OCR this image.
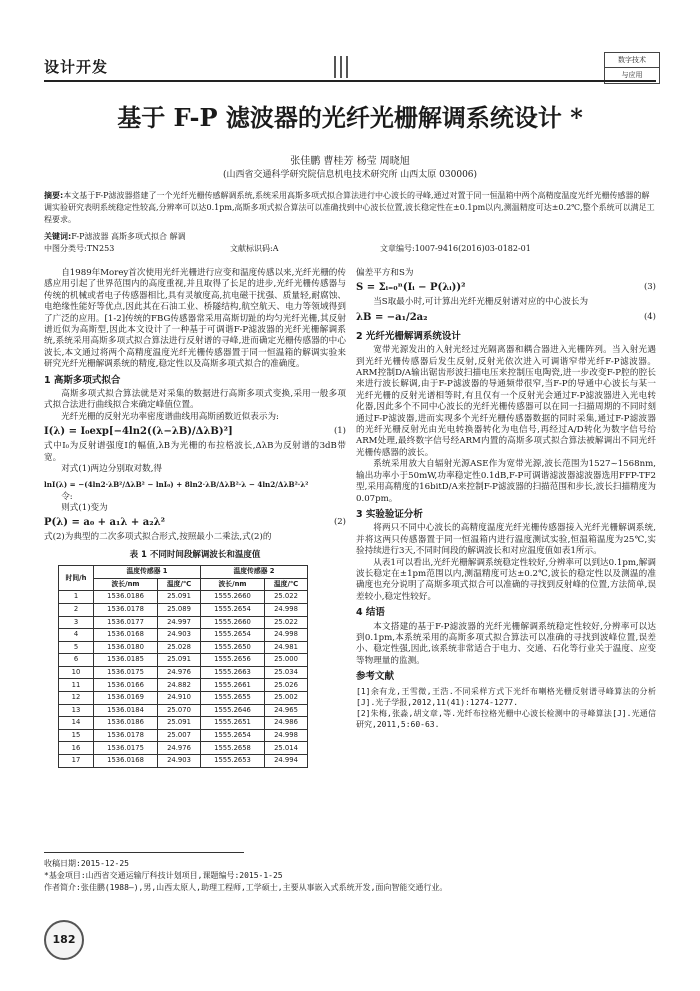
设计开发	数字技术
与应用
基于 F-P 滤波器的光纤光栅解调系统设计 *
张佳鹏 曹桂芳 杨莹 周晓旭
(山西省交通科学研究院信息机电技术研究所 山西太原 030006)
摘要:本文基于F-P滤波器搭建了一个光纤光栅传感解调系统,系统采用高斯多项式拟合算法进行中心波长的寻峰,通过对置于同一恒温箱中两个高精度温度光纤光栅传感器的解调实验研究表明系统稳定性较高,分辨率可以达0.1pm,高斯多项式拟合算法可以准确找到中心波长位置,波长稳定性在±0.1pm以内,测温精度可达±0.2℃,整个系统可以满足工程要求。
关键词:F-P滤波器 高斯多项式拟合 解调
中图分类号:TN253	文献标识码:A	文章编号:1007-9416(2016)03-0182-01

自1989年Morey首次使用光纤光栅进行应变和温度传感以来,光纤光栅的传感应用引起了世界范围内的高度重视,并且取得了长足的进步,光纤光栅传感器与传统的机械或者电子传感器相比,具有灵敏度高,抗电磁干扰强、质量轻,耐腐蚀、电绝缘性能好等优点,因此其在石油工业、桥隧结构,航空航天、电力等领域得到了广泛的应用。[1-2]传统的FBG传感器常采用高斯切趾的均匀光纤光栅,其反射谱近似为高斯型,因此本文设计了一种基于可调谐F-P滤波器的光纤光栅解调系统,系统采用高斯多项式拟合算法进行反射谱的寻峰,进而确定光栅传感器的中心波长,本文通过将两个高精度温度光纤光栅传感器置于同一恒温箱的解调实验来研究光纤光栅解调系统的精度,稳定性以及高斯多项式拟合的准确度。

1 高斯多项式拟合

高斯多项式拟合算法就是对采集的数据进行高斯多项式变换,采用一般多项式拟合法进行曲线拟合来确定峰值位置。

光纤光栅的反射光功率密度谱曲线用高斯函数近似表示为:

I(λ) = I₀exp[−4ln2((λ−λB)/ΔλB)²]	(1)

式中I₀为反射谱强度I的幅值,λB为光栅的布拉格波长,ΔλB为反射谱的3dB带宽。

对式(1)两边分别取对数,得

lnI(λ) = −(4ln2·λB²/ΔλB² − lnI₀) + 8ln2·λB/ΔλB²·λ − 4ln2/ΔλB²·λ²

令:

则式(1)变为

P(λ) = a₀ + a₁λ + a₂λ²	(2)

式(2)为典型的二次多项式拟合形式,按照最小二乘法,式(2)的

表 1 不同时间段解调波长和温度值
时间/h	温度传感器 1		温度传感器 2	
	波长/nm	温度/℃	波长/nm	温度/℃
1	1536.0186	25.091	1555.2660	25.022
2	1536.0178	25.089	1555.2654	24.998
3	1536.0177	24.997	1555.2660	25.022
4	1536.0168	24.903	1555.2654	24.998
5	1536.0180	25.028	1555.2650	24.981
6	1536.0185	25.091	1555.2656	25.000
10	1536.0175	24.976	1555.2663	25.034
11	1536.0166	24.882	1555.2661	25.026
12	1536.0169	24.910	1555.2655	25.002
13	1536.0184	25.070	1555.2646	24.965
14	1536.0186	25.091	1555.2651	24.986
15	1536.0178	25.007	1555.2654	24.998
16	1536.0175	24.976	1555.2658	25.014
17	1536.0168	24.903	1555.2653	24.994

偏差平方和S为

S = Σᵢ₌₀ⁿ(Iᵢ − P(λᵢ))²	(3)

当S取最小时,可计算出光纤光栅反射谱对应的中心波长为

λB = −a₁/2a₂	(4)
2 光纤光栅解调系统设计

宽带光源发出的入射光经过光隔离器和耦合器进入光栅阵列。当入射光遇到光纤光栅传感器后发生反射,反射光依次进入可调谐窄带光纤F-P滤波器。ARM控制D/A输出锯齿形波扫描电压来控制压电陶瓷,进一步改变F-P腔的腔长来进行波长解调,由于F-P滤波器的导通频带很窄,当F-P的导通中心波长与某一光纤光栅的反射光谱相等时,有且仅有一个反射光会通过F-P滤波器进入光电转化器,因此多个不同中心波长的光纤光栅传感器可以在同一扫描周期的不同时刻通过F-P滤波器,进而实现多个光纤光栅传感器数据的同时采集,通过F-P滤波器的光纤光栅反射光由光电转换器转化为电信号,再经过A/D转化为数字信号给ARM处理,最终数字信号经ARM内置的高斯多项式拟合算法被解调出不同光纤光栅传感器的波长。

系统采用放大自辐射光源ASE作为宽带光源,波长范围为1527~1568nm,输出功率小于50mW,功率稳定性0.1dB,F-P可调谐滤波器滤波器选用FFP-TF2型,采用高精度的16bitD/A来控制F-P滤波器的扫描范围和步长,波长扫描精度为0.07pm。

3 实验验证分析

将两只不同中心波长的高精度温度光纤光栅传感器接入光纤光栅解调系统,并将这两只传感器置于同一恒温箱内进行温度测试实验,恒温箱温度为25℃,实验持续进行3天,不同时间段的解调波长和对应温度值如表1所示。

从表1可以看出,光纤光栅解调系统稳定性较好,分辨率可以到达0.1pm,解调波长稳定在±1pm范围以内,测温精度可达±0.2℃,波长的稳定性以及测温的准确度也充分说明了高斯多项式拟合可以准确的寻找到反射峰的位置,方法简单,误差较小,稳定性较好。

4 结语

本文搭建的基于F-P滤波器的光纤光栅解调系统稳定性较好,分辨率可以达到0.1pm,本系统采用的高斯多项式拟合算法可以准确的寻找到波峰位置,误差小、稳定性强,因此,该系统非常适合于电力、交通、石化等行业关于温度、应变等物理量的监测。

参考文献
[1]余有龙,王雪微,王浩.不同采样方式下光纤布喇格光栅反射谱寻峰算法的分析[J].光子学报,2012,11(41):1274-1277.
[2]朱梅,张淼,胡文章,等.光纤布拉格光栅中心波长检测中的寻峰算法[J].光通信研究,2011,5:60-63.
收稿日期:2015-12-25
*基金项目:山西省交通运输厅科技计划项目,课题编号:2015-1-25
作者简介:张佳鹏(1988—),男,山西太原人,助理工程师,工学硕士,主要从事嵌入式系统开发,面向智能交通行业。
182
